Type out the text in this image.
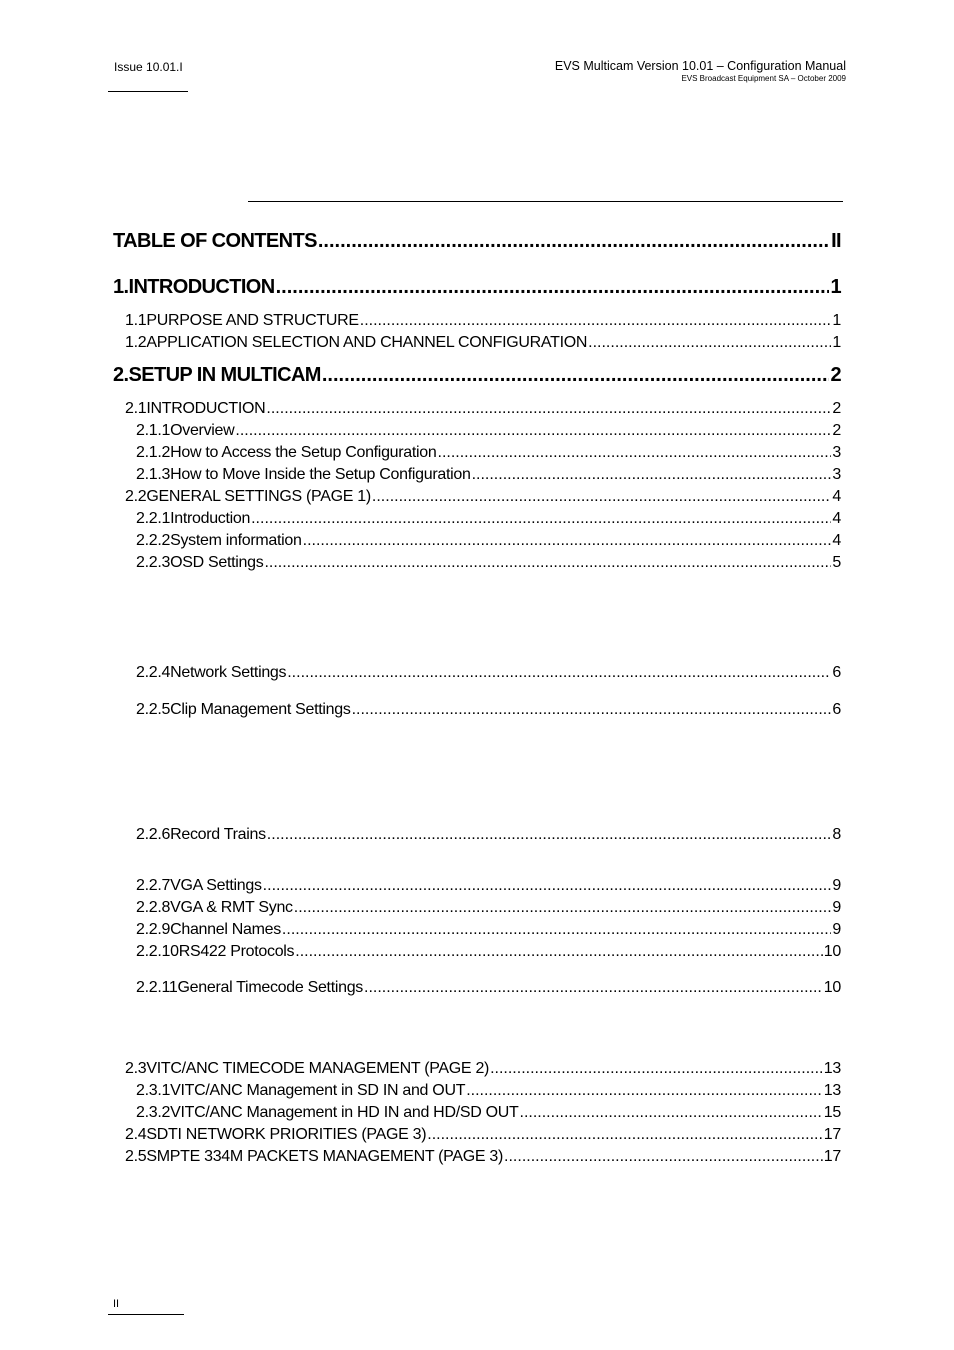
Issue 10.01.I	EVS Multicam Version 10.01 – Configuration Manual
EVS Broadcast Equipment SA – October 2009
TABLE OF CONTENTS .....	II
1. INTRODUCTION .....	1
1.1 PURPOSE AND STRUCTURE .....	1
1.2 APPLICATION SELECTION AND CHANNEL CONFIGURATION .....	1
2. SETUP IN MULTICAM .....	2
2.1 INTRODUCTION .....	2
2.1.1 Overview .....	2
2.1.2 How to Access the Setup Configuration .....	3
2.1.3 How to Move Inside the Setup Configuration .....	3
2.2 GENERAL SETTINGS (PAGE 1) .....	4
2.2.1 Introduction .....	4
2.2.2 System information .....	4
2.2.3 OSD Settings .....	5
2.2.4 Network Settings .....	6
2.2.5 Clip Management Settings .....	6
2.2.6 Record Trains .....	8
2.2.7 VGA Settings .....	9
2.2.8 VGA & RMT Sync .....	9
2.2.9 Channel Names .....	9
2.2.10 RS422 Protocols .....	10
2.2.11 General Timecode Settings .....	10
2.3 VITC/ANC TIMECODE MANAGEMENT (PAGE 2) .....	13
2.3.1 VITC/ANC Management in SD IN and OUT .....	13
2.3.2 VITC/ANC Management in HD IN and HD/SD OUT .....	15
2.4 SDTI NETWORK PRIORITIES (PAGE 3) .....	17
2.5 SMPTE 334M PACKETS MANAGEMENT (PAGE 3) .....	17
II
